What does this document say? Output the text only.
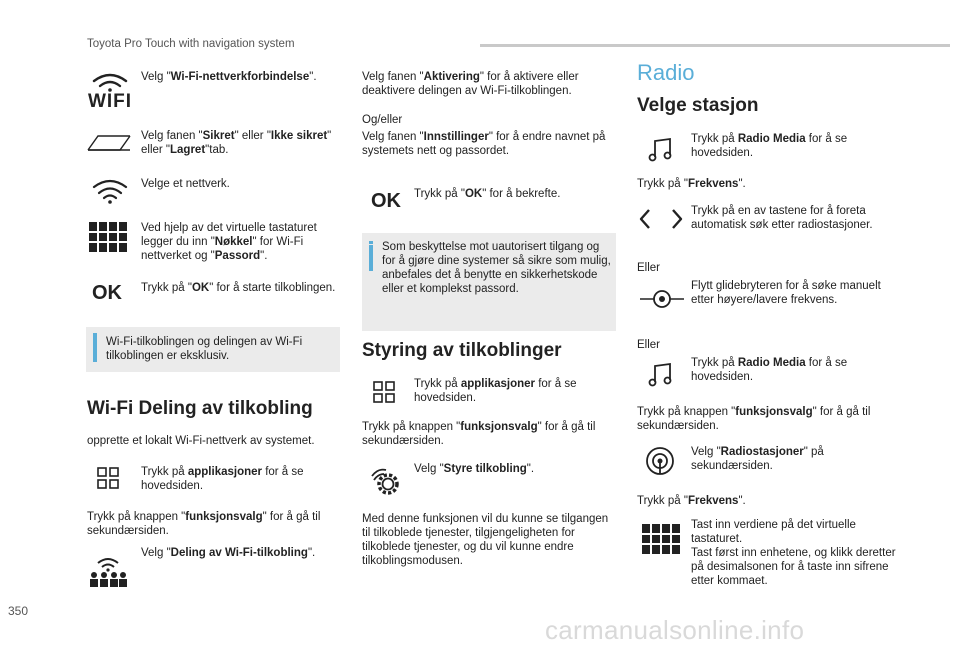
Toyota Pro Touch with navigation system
WIFI
Velg "Wi-Fi-nettverkforbindelse".
Velg fanen "Sikret" eller "Ikke sikret" eller "Lagret"tab.
Velge et nettverk.
Ved hjelp av det virtuelle tastaturet legger du inn "Nøkkel" for Wi-Fi nettverket og "Passord".
OK Trykk på "OK" for å starte tilkoblingen.
Wi-Fi-tilkoblingen og delingen av Wi-Fi tilkoblingen er eksklusiv.
Wi-Fi Deling av tilkobling
opprette et lokalt Wi-Fi-nettverk av systemet.
Trykk på applikasjoner for å se hovedsiden.
Trykk på knappen "funksjonsvalg" for å gå til sekundærsiden.
Velg "Deling av Wi-Fi-tilkobling".
Velg fanen "Aktivering" for å aktivere eller deaktivere delingen av Wi-Fi-tilkoblingen.
Og/eller
Velg fanen "Innstillinger" for å endre navnet på systemets nett og passordet.
OK Trykk på "OK" for å bekrefte.
Som beskyttelse mot uautorisert tilgang og for å gjøre dine systemer så sikre som mulig, anbefales det å benytte en sikkerhetskode eller et komplekst passord.
Styring av tilkoblinger
Trykk på applikasjoner for å se hovedsiden.
Trykk på knappen "funksjonsvalg" for å gå til sekundærsiden.
Velg "Styre tilkobling".
Med denne funksjonen vil du kunne se tilgangen til tilkoblede tjenester, tilgjengeligheten for tilkoblede tjenester, og du vil kunne endre tilkoblingsmodusen.
Radio
Velge stasjon
Trykk på Radio Media for å se hovedsiden.
Trykk på "Frekvens".
Trykk på en av tastene for å foreta automatisk søk etter radiostasjoner.
Eller
Flytt glidebryteren for å søke manuelt etter høyere/lavere frekvens.
Eller
Trykk på Radio Media for å se hovedsiden.
Trykk på knappen "funksjonsvalg" for å gå til sekundærsiden.
Velg "Radiostasjoner" på sekundærsiden.
Trykk på "Frekvens".
Tast inn verdiene på det virtuelle tastaturet.
Tast først inn enhetene, og klikk deretter på desimalsonen for å taste inn sifrene etter kommaet.
350
carmanualsonline.info
